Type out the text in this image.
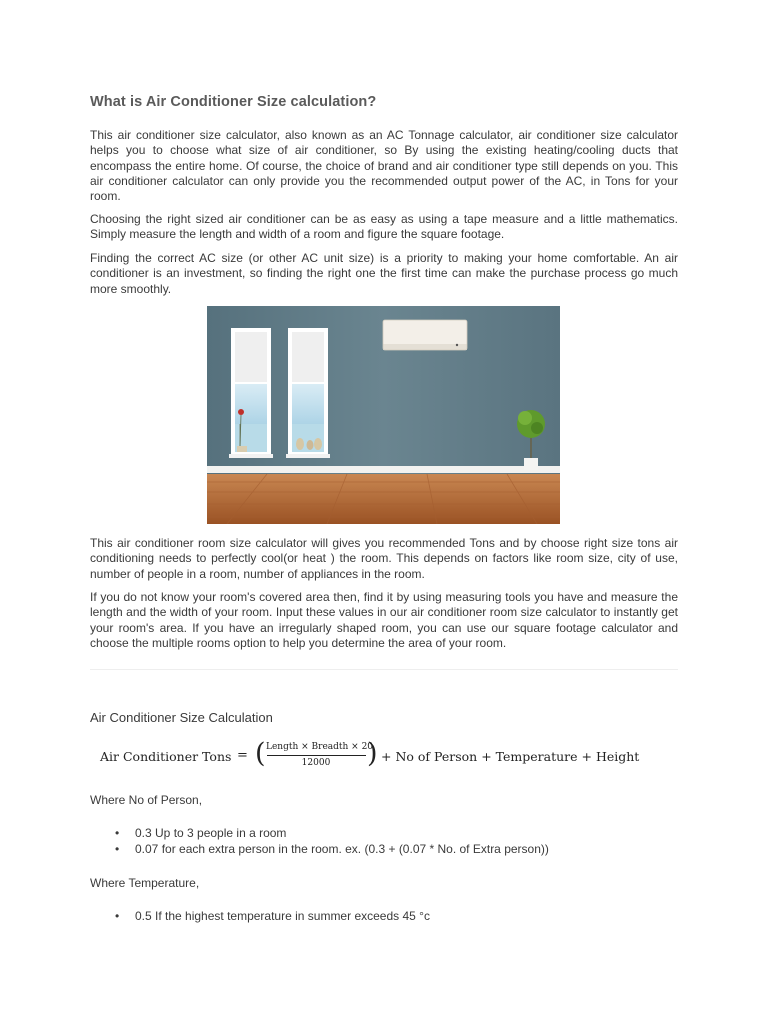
What is Air Conditioner Size calculation?

This air conditioner size calculator, also known as an AC Tonnage calculator, air conditioner size calculator helps you to choose what size of air conditioner, so By using the existing heating/cooling ducts that encompass the entire home. Of course, the choice of brand and air conditioner type still depends on you. This air conditioner calculator can only provide you the recommended output power of the AC, in Tons for your room.

Choosing the right sized air conditioner can be as easy as using a tape measure and a little mathematics. Simply measure the length and width of a room and figure the square footage.

Finding the correct AC size (or other AC unit size) is a priority to making your home comfortable. An air conditioner is an investment, so finding the right one the first time can make the purchase process go much more smoothly.

This air conditioner room size calculator will gives you recommended Tons and by choose right size tons air conditioning needs to perfectly cool(or heat ) the room. This depends on factors like room size, city of use, number of people in a room, number of appliances in the room.

If you do not know your room's covered area then, find it by using measuring tools you have and measure the length and the width of your room. Input these values in our air conditioner room size calculator to instantly get your room's area. If you have an irregularly shaped room, you can use our square footage calculator and choose the multiple rooms option to help you determine the area of your room.

Air Conditioner Size Calculation
Air Conditioner Tons = ( Length × Breadth × 20
12000	) + No of Person + Temperature + Height

Where No of Person,

• 0.3 Up to 3 people in a room
• 0.07 for each extra person in the room. ex. (0.3 + (0.07 * No. of Extra person))

Where Temperature,

• 0.5 If the highest temperature in summer exceeds 45 °c
